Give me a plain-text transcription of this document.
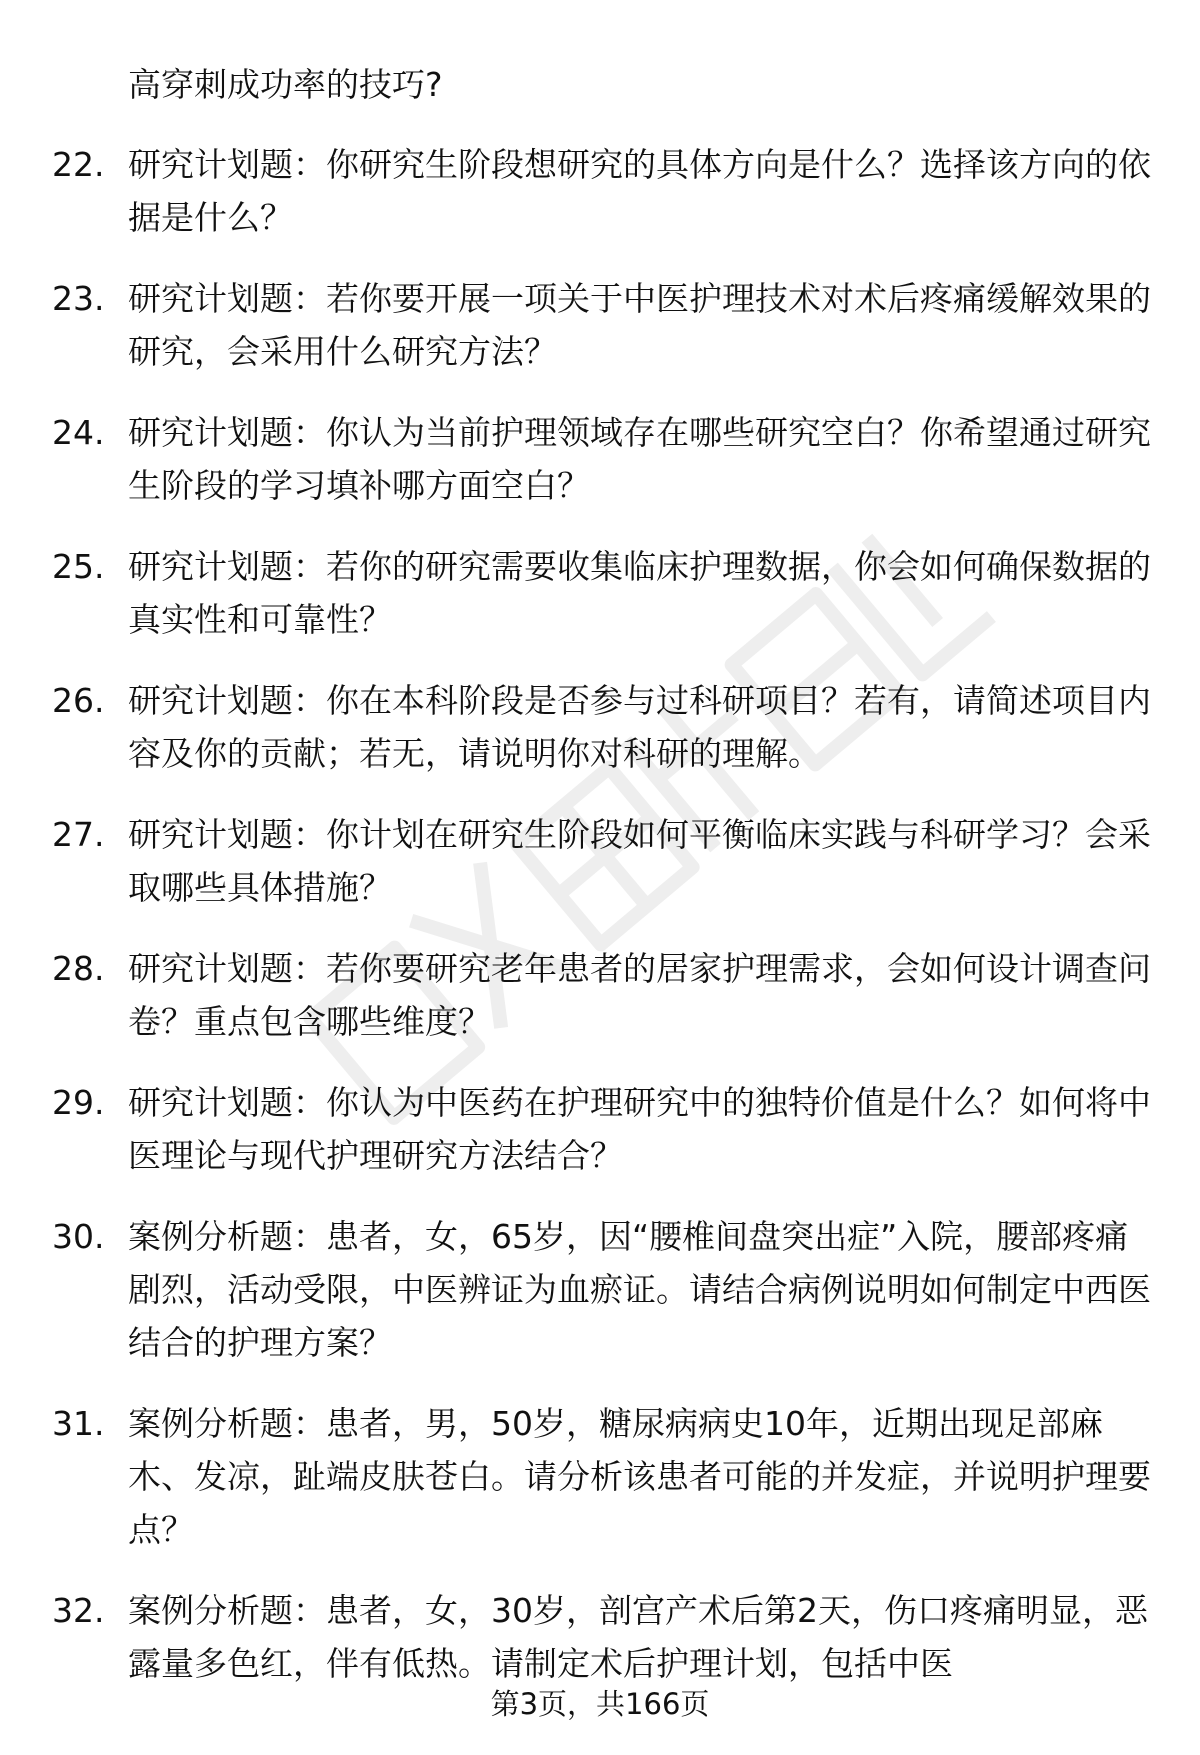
高穿刺成功率的技巧?
22. 研究计划题：你研究生阶段想研究的具体方向是什么？选择该方向的依据是什么？
23. 研究计划题：若你要开展一项关于中医护理技术对术后疼痛缓解效果的研究，会采用什么研究方法？
24. 研究计划题：你认为当前护理领域存在哪些研究空白？你希望通过研究生阶段的学习填补哪方面空白？
25. 研究计划题：若你的研究需要收集临床护理数据，你会如何确保数据的真实性和可靠性？
26. 研究计划题：你在本科阶段是否参与过科研项目？若有，请简述项目内容及你的贡献；若无，请说明你对科研的理解。
27. 研究计划题：你计划在研究生阶段如何平衡临床实践与科研学习？会采取哪些具体措施？
28. 研究计划题：若你要研究老年患者的居家护理需求，会如何设计调查问卷？重点包含哪些维度？
29. 研究计划题：你认为中医药在护理研究中的独特价值是什么？如何将中医理论与现代护理研究方法结合？
30. 案例分析题：患者，女，65岁，因“腰椎间盘突出症”入院，腰部疼痛剧烈，活动受限，中医辨证为血瘀证。请结合病例说明如何制定中西医结合的护理方案？
31. 案例分析题：患者，男，50岁，糖尿病病史10年，近期出现足部麻木、发凉，趾端皮肤苍白。请分析该患者可能的并发症，并说明护理要点？
32. 案例分析题：患者，女，30岁，剖宫产术后第2天，伤口疼痛明显，恶露量多色红，伴有低热。请制定术后护理计划，包括中医
第3页，共166页
